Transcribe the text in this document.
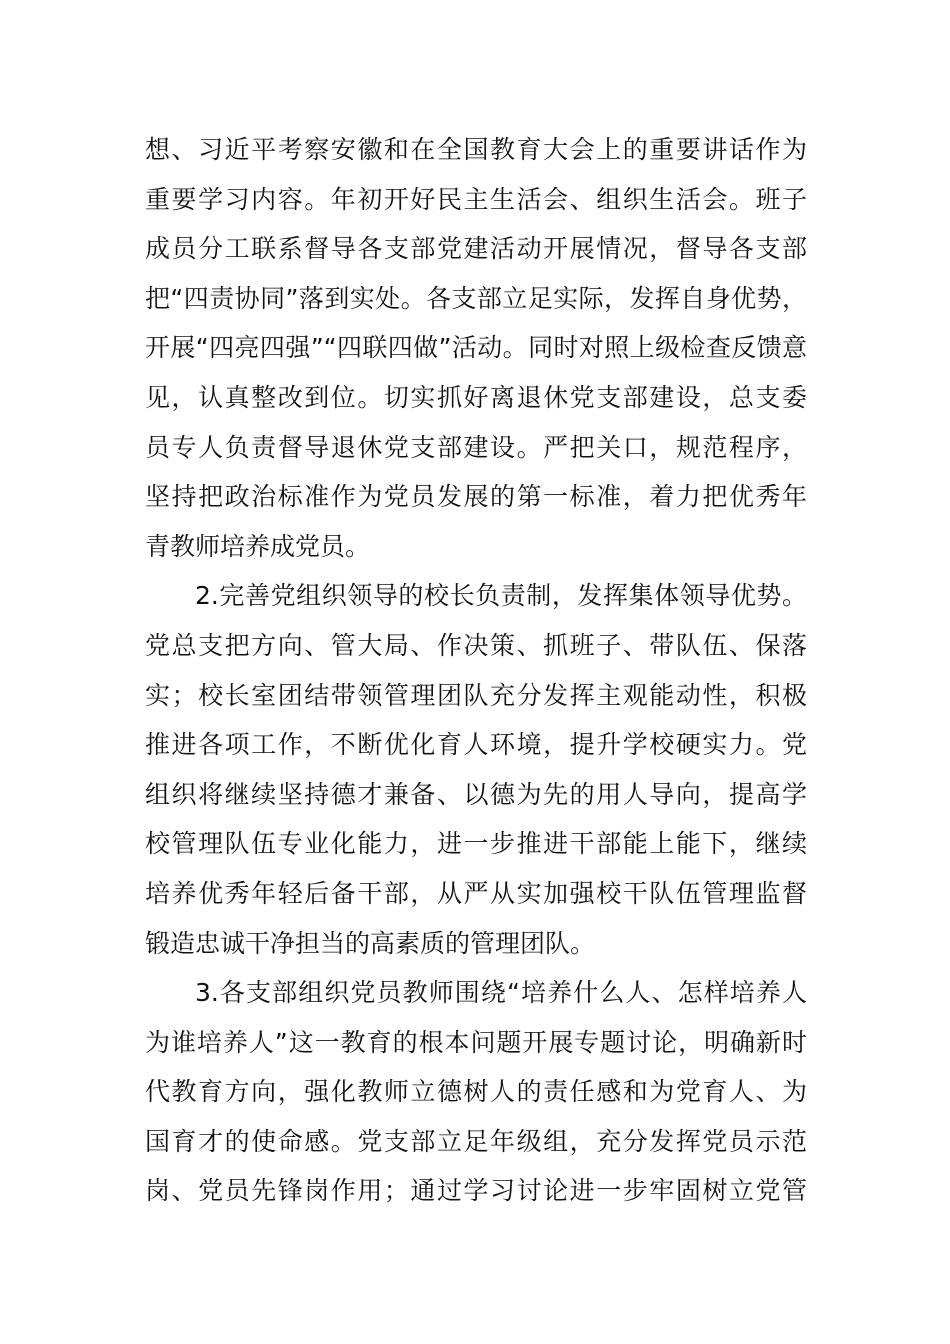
想、习近平考察安徽和在全国教育大会上的重要讲话作为
重要学习内容。年初开好民主生活会、组织生活会。班子
成员分工联系督导各支部党建活动开展情况，督导各支部
把“四责协同”落到实处。各支部立足实际，发挥自身优势，
开展“四亮四强”“四联四做”活动。同时对照上级检查反馈意
见，认真整改到位。切实抓好离退休党支部建设，总支委
员专人负责督导退休党支部建设。严把关口，规范程序，
坚持把政治标准作为党员发展的第一标准，着力把优秀年
青教师培养成党员。
2.完善党组织领导的校长负责制，发挥集体领导优势。
党总支把方向、管大局、作决策、抓班子、带队伍、保落
实；校长室团结带领管理团队充分发挥主观能动性，积极
推进各项工作，不断优化育人环境，提升学校硬实力。党
组织将继续坚持德才兼备、以德为先的用人导向，提高学
校管理队伍专业化能力，进一步推进干部能上能下，继续
培养优秀年轻后备干部，从严从实加强校干队伍管理监督
锻造忠诚干净担当的高素质的管理团队。
3.各支部组织党员教师围绕“培养什么人、怎样培养人
为谁培养人”这一教育的根本问题开展专题讨论，明确新时
代教育方向，强化教师立德树人的责任感和为党育人、为
国育才的使命感。党支部立足年级组，充分发挥党员示范
岗、党员先锋岗作用；通过学习讨论进一步牢固树立党管
